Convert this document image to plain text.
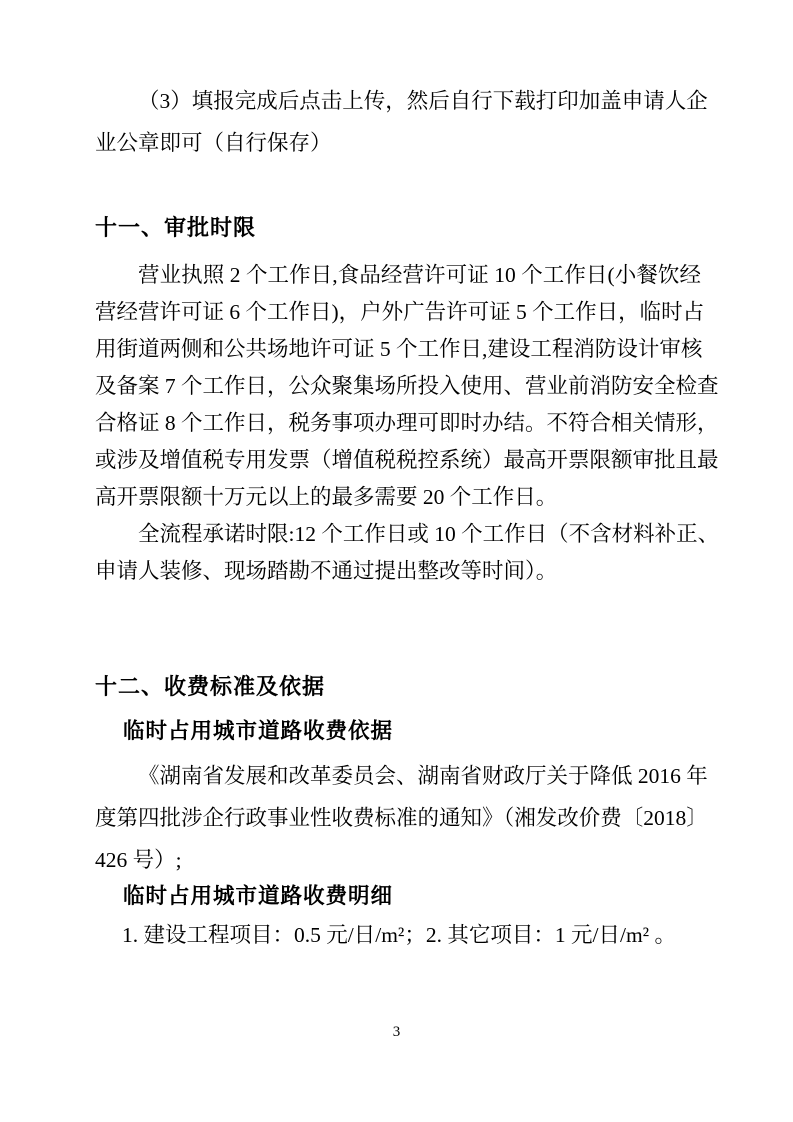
（3）填报完成后点击上传，然后自行下载打印加盖申请人企
业公章即可（自行保存）
十一、审批时限
营业执照 2 个工作日,食品经营许可证 10 个工作日(小餐饮经
营经营许可证 6 个工作日)，户外广告许可证 5 个工作日，临时占
用街道两侧和公共场地许可证 5 个工作日,建设工程消防设计审核
及备案 7 个工作日，公众聚集场所投入使用、营业前消防安全检查
合格证 8 个工作日，税务事项办理可即时办结。不符合相关情形，
或涉及增值税专用发票（增值税税控系统）最高开票限额审批且最
高开票限额十万元以上的最多需要 20 个工作日。
全流程承诺时限:12 个工作日或 10 个工作日（不含材料补正、
申请人装修、现场踏勘不通过提出整改等时间）。
十二、收费标准及依据
临时占用城市道路收费依据
《湖南省发展和改革委员会、湖南省财政厅关于降低 2016 年
度第四批涉企行政事业性收费标准的通知》（湘发改价费〔2018〕
426 号）;
临时占用城市道路收费明细
1. 建设工程项目：0.5 元/日/m²；2. 其它项目：1 元/日/m² 。
3
